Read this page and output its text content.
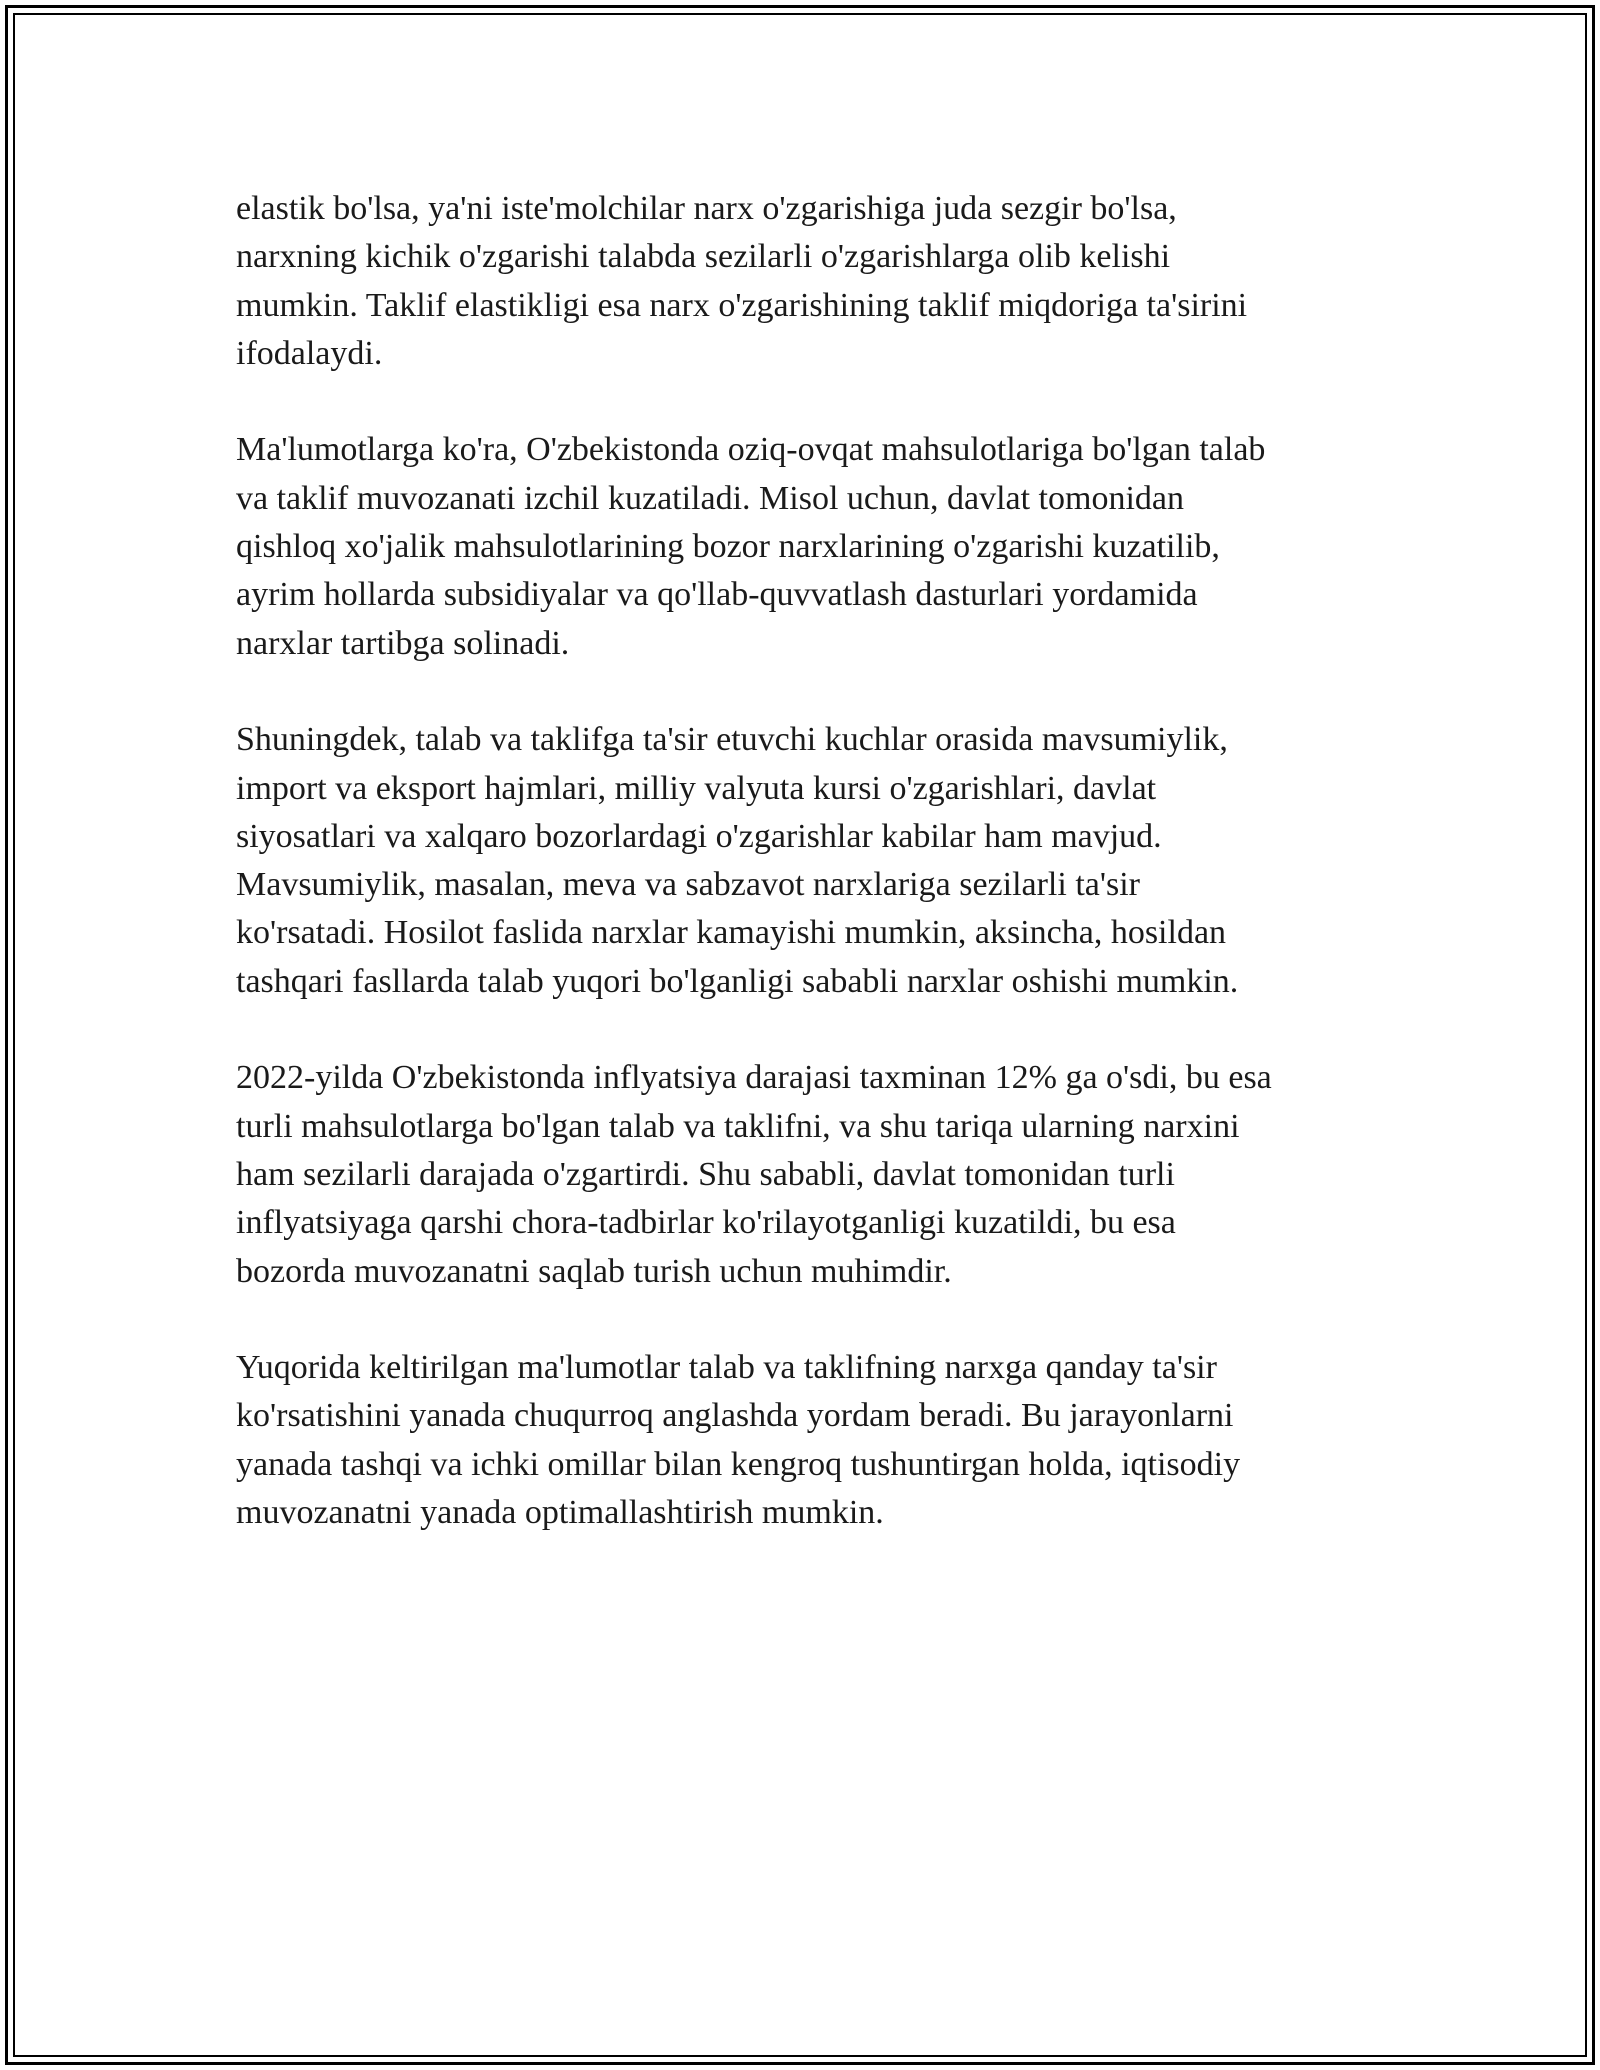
elastik bo'lsa, ya'ni iste'molchilar narx o'zgarishiga juda sezgir bo'lsa,
narxning kichik o'zgarishi talabda sezilarli o'zgarishlarga olib kelishi
mumkin. Taklif elastikligi esa narx o'zgarishining taklif miqdoriga ta'sirini
ifodalaydi.

Ma'lumotlarga ko'ra, O'zbekistonda oziq-ovqat mahsulotlariga bo'lgan talab
va taklif muvozanati izchil kuzatiladi. Misol uchun, davlat tomonidan
qishloq xo'jalik mahsulotlarining bozor narxlarining o'zgarishi kuzatilib,
ayrim hollarda subsidiyalar va qo'llab-quvvatlash dasturlari yordamida
narxlar tartibga solinadi.

Shuningdek, talab va taklifga ta'sir etuvchi kuchlar orasida mavsumiylik,
import va eksport hajmlari, milliy valyuta kursi o'zgarishlari, davlat
siyosatlari va xalqaro bozorlardagi o'zgarishlar kabilar ham mavjud.
Mavsumiylik, masalan, meva va sabzavot narxlariga sezilarli ta'sir
ko'rsatadi. Hosilot faslida narxlar kamayishi mumkin, aksincha, hosildan
tashqari fasllarda talab yuqori bo'lganligi sababli narxlar oshishi mumkin.

2022-yilda O'zbekistonda inflyatsiya darajasi taxminan 12% ga o'sdi, bu esa
turli mahsulotlarga bo'lgan talab va taklifni, va shu tariqa ularning narxini
ham sezilarli darajada o'zgartirdi. Shu sababli, davlat tomonidan turli
inflyatsiyaga qarshi chora-tadbirlar ko'rilayotganligi kuzatildi, bu esa
bozorda muvozanatni saqlab turish uchun muhimdir.

Yuqorida keltirilgan ma'lumotlar talab va taklifning narxga qanday ta'sir
ko'rsatishini yanada chuqurroq anglashda yordam beradi. Bu jarayonlarni
yanada tashqi va ichki omillar bilan kengroq tushuntirgan holda, iqtisodiy
muvozanatni yanada optimallashtirish mumkin.
